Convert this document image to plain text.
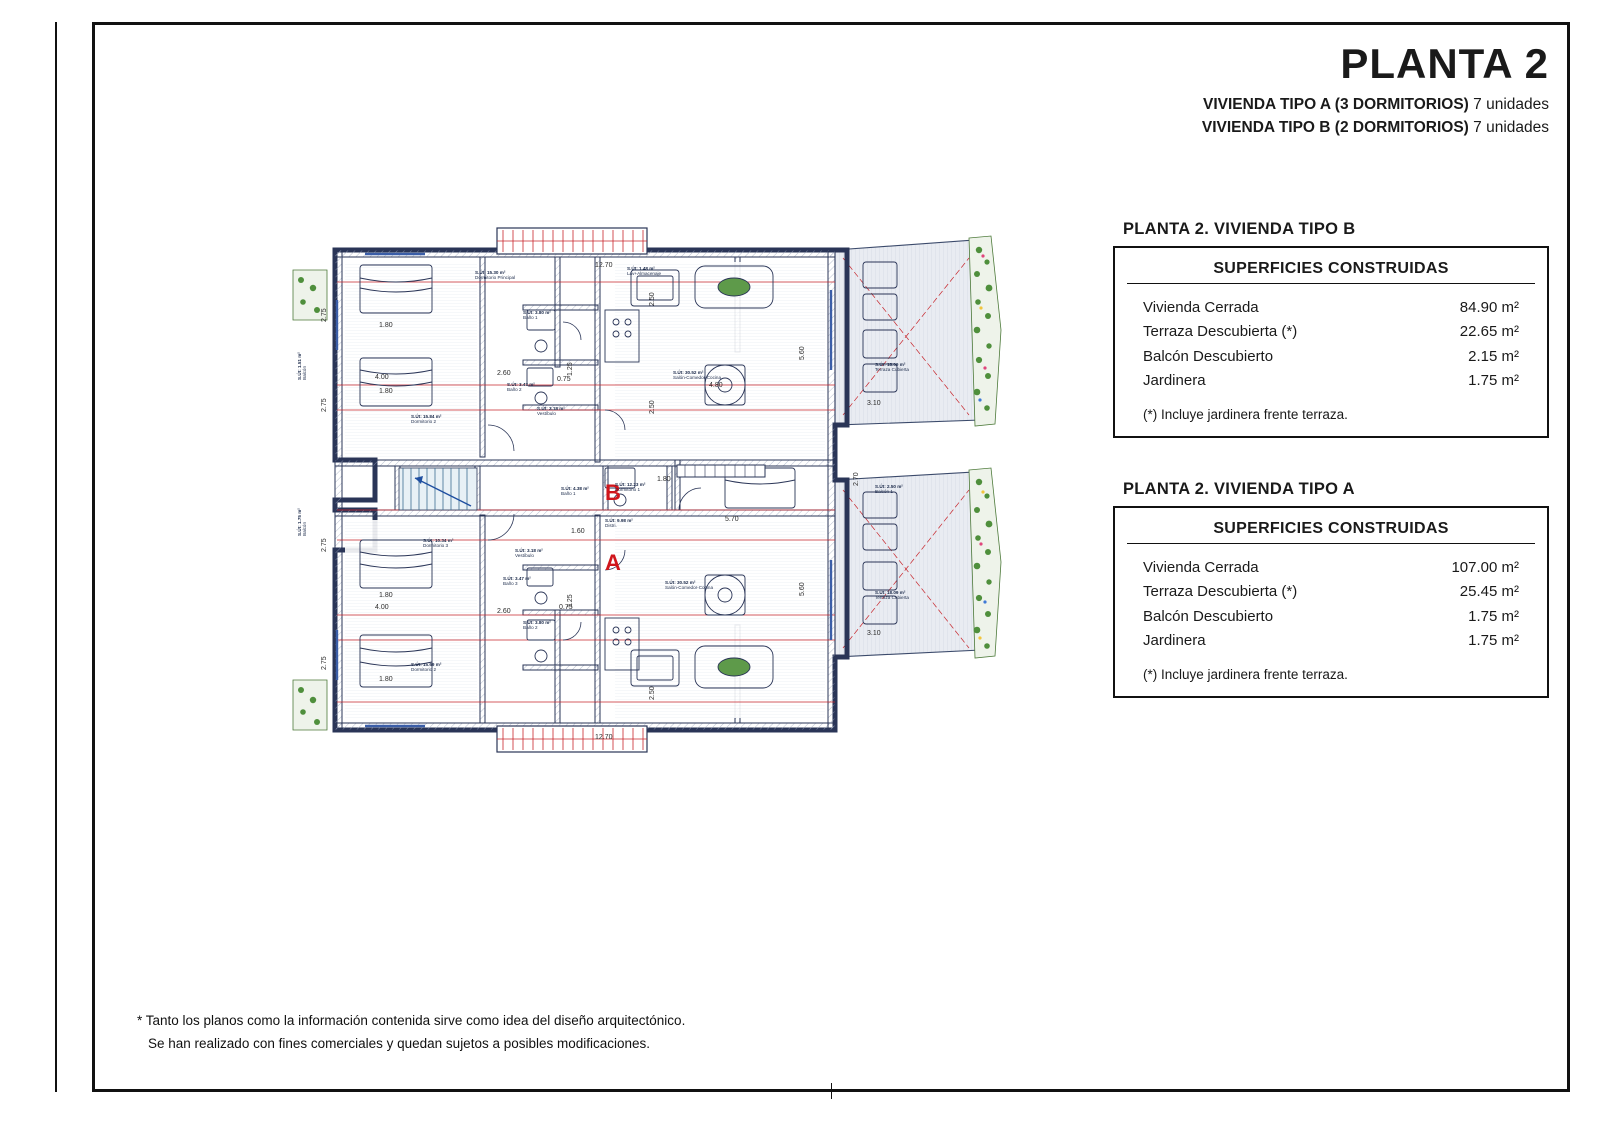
PLANTA 2
VIVIENDA TIPO A (3 DORMITORIOS) 7 unidades
VIVIENDA TIPO B (2 DORMITORIOS) 7 unidades
PLANTA 2. VIVIENDA TIPO B
SUPERFICIES CONSTRUIDAS
Vivienda Cerrada	84.90 m²
Terraza Descubierta (*)	22.65 m²
Balcón Descubierto	2.15 m²
Jardinera	1.75 m²
(*) Incluye jardinera frente terraza.
PLANTA 2. VIVIENDA TIPO A
SUPERFICIES CONSTRUIDAS
Vivienda Cerrada	107.00 m²
Terraza Descubierta (*)	25.45 m²
Balcón Descubierto	1.75 m²
Jardinera	1.75 m²
(*) Incluye jardinera frente terraza.
B
A
S.Út: 15.30 m²
Dormitorio Principal
S.Út: 1.48 m²
Lav+Almacenaje
S.Út: 3.80 m²
Baño 1
S.Út: 30.52 m²
Salón-Comedor-Cocina
S.Út: 18.09 m²
Terraza Cubierta
S.Út: 3.47 m²
Baño 2
S.Út: 15.84 m²
Dormitorio 2
S.Út: 3.18 m²
Vestíbulo
S.Út: 1.51 m²
Balcón
S.Út: 4.38 m²
Baño 1
S.Út: 12.23 m²
Dormitorio 1
S.Út: 2.50 m²
Balcón 1
S.Út: 9.98 m²
Distri.
S.Út: 10.34 m²
Dormitorio 3
S.Út: 3.18 m²
Vestíbulo
S.Út: 1.75 m²
Balcón
S.Út: 3.47 m²
Baño 3	S.Út: 30.52 m²
Salón-Comedor-Cocina
S.Út: 18.09 m²
Terraza Cubierta
S.Út: 3.80 m²
Baño 2
S.Út: 15.69 m²
Dormitorio 2
12.70
1.80
4.80
4.00
1.80
2.60
0.75
3.10
5.70
1.60
1.80
1.80
4.00
2.60
0.75
3.10
1.80
12.70
2.75
2.75
5.60
2.50
2.50
1.25
2.70
2.75
2.75
1.25
5.60
2.50
* Tanto los planos como la información contenida sirve como idea del diseño arquitectónico.
Se han realizado con fines comerciales y quedan sujetos a posibles modificaciones.
